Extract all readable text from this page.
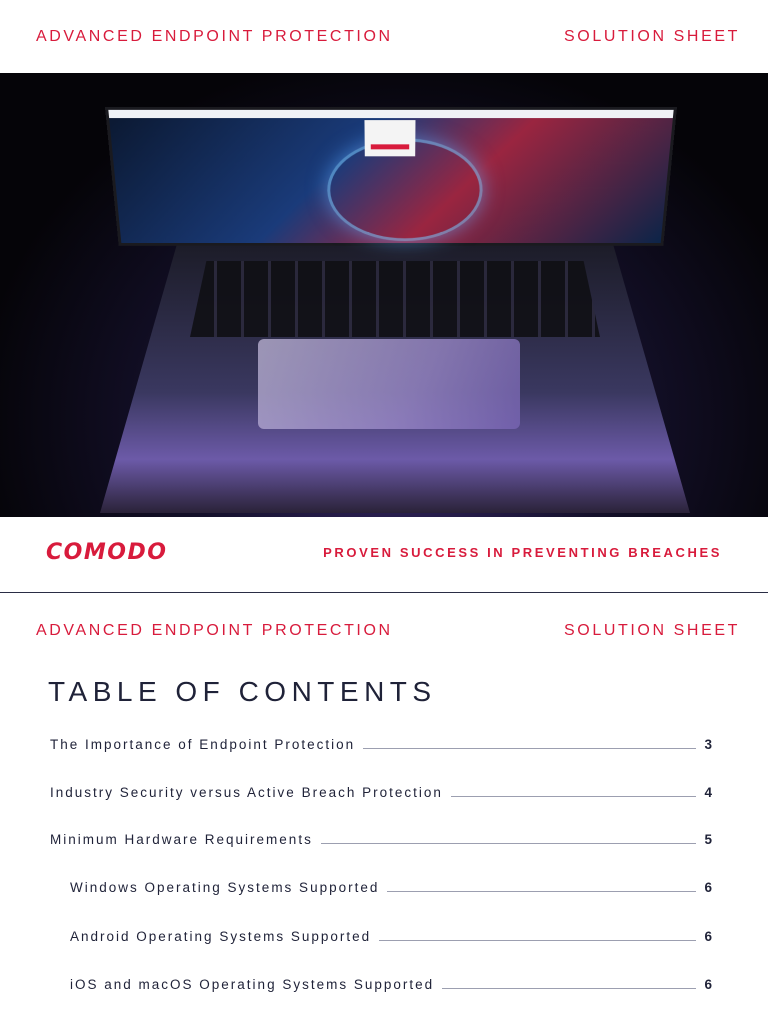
ADVANCED ENDPOINT PROTECTION	SOLUTION SHEET
COMODO	PROVEN SUCCESS IN PREVENTING BREACHES
ADVANCED ENDPOINT PROTECTION	SOLUTION SHEET
TABLE OF CONTENTS
The Importance of Endpoint Protection	3
Industry Security versus Active Breach Protection	4
Minimum Hardware Requirements	5
Windows Operating Systems Supported	6
Android Operating Systems Supported	6
iOS and macOS Operating Systems Supported	6
